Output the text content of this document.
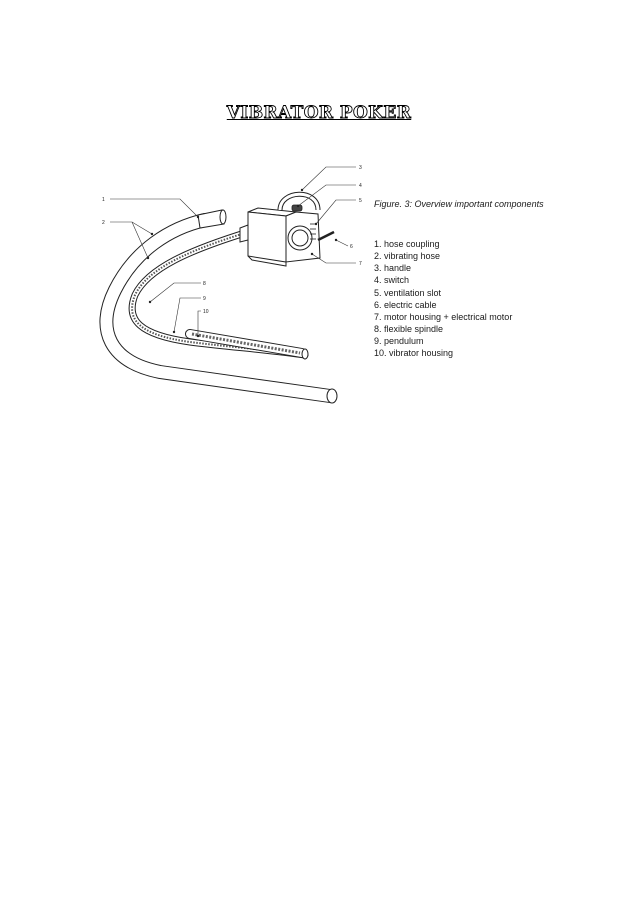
VIBRATOR POKER
1
2
3
4
5
6
7
8
9
10
Figure. 3: Overview important components
1. hose coupling
2. vibrating hose
3. handle
4. switch
5. ventilation slot
6. electric cable
7. motor housing + electrical motor
8. flexible spindle
9. pendulum
10. vibrator housing
